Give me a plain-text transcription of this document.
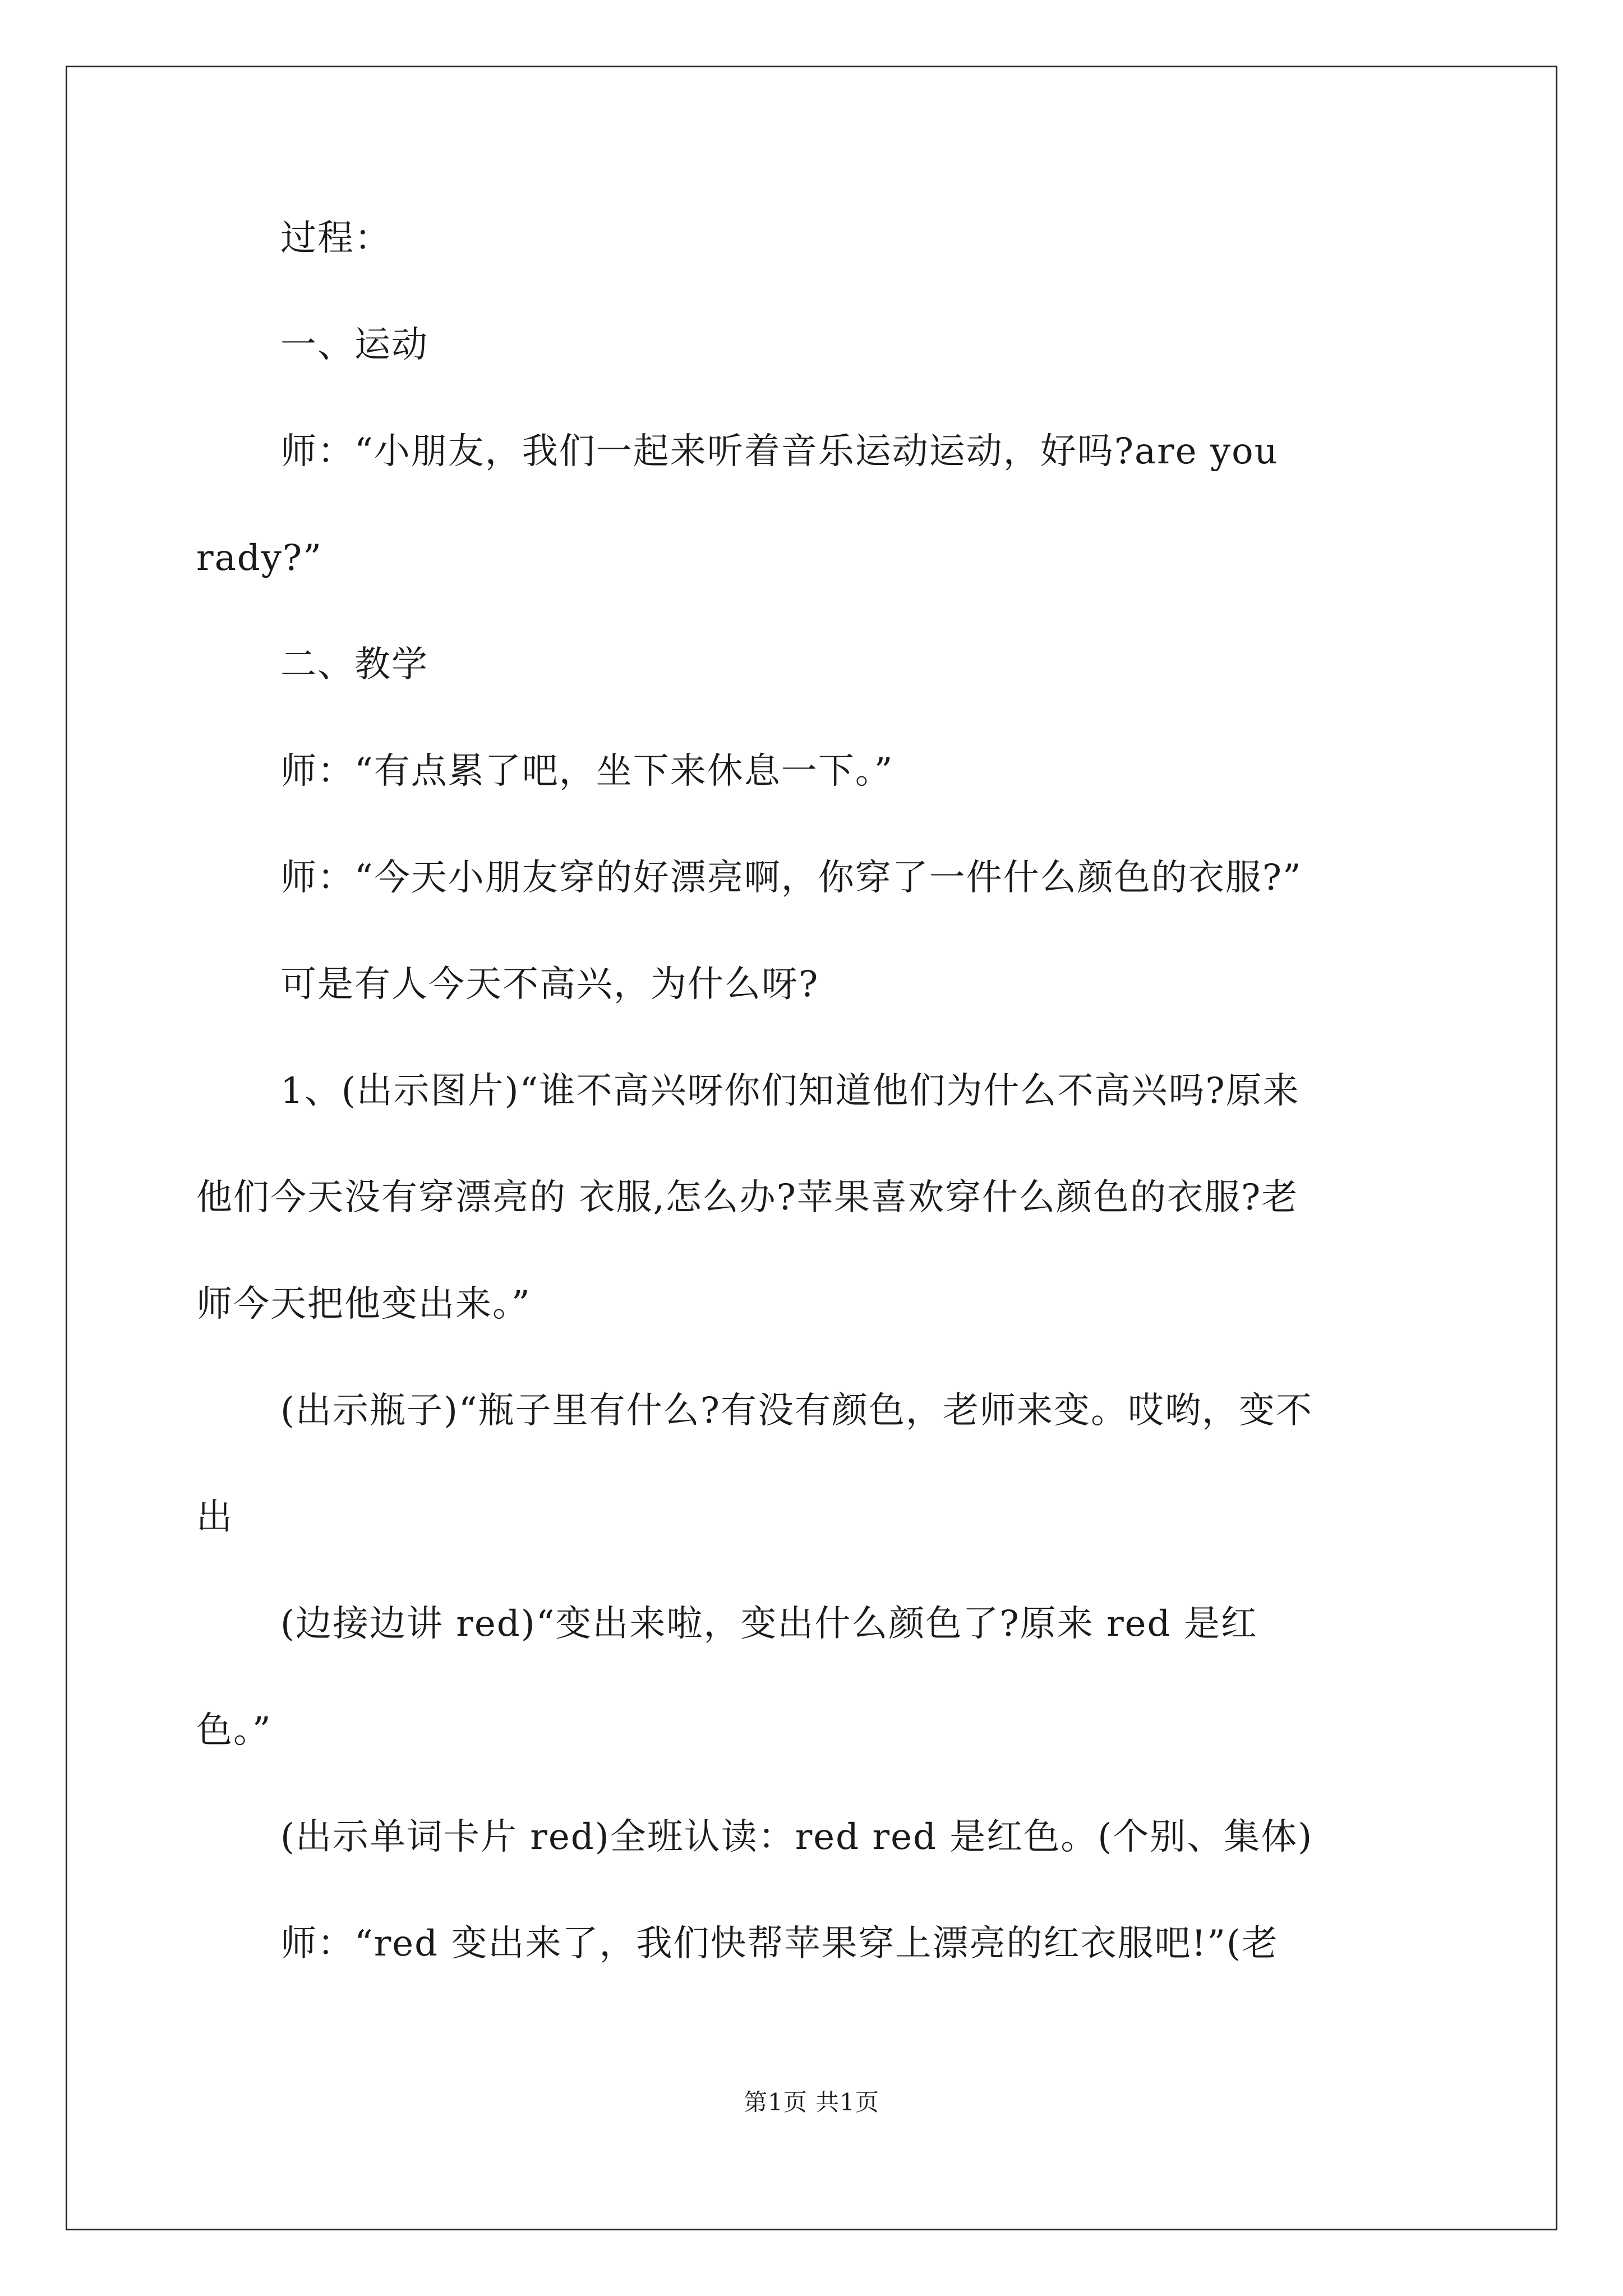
过程：
一、运动
师：“小朋友，我们一起来听着音乐运动运动，好吗?are you
rady?”
二、教学
师：“有点累了吧，坐下来休息一下。”
师：“今天小朋友穿的好漂亮啊，你穿了一件什么颜色的衣服?”
可是有人今天不高兴，为什么呀?
1、(出示图片)“谁不高兴呀你们知道他们为什么不高兴吗?原来
他们今天没有穿漂亮的 衣服,怎么办?苹果喜欢穿什么颜色的衣服?老
师今天把他变出来。”
(出示瓶子)“瓶子里有什么?有没有颜色，老师来变。哎哟，变不
出
(边接边讲 red)“变出来啦，变出什么颜色了?原来 red 是红
色。”
(出示单词卡片 red)全班认读：red red 是红色。(个别、集体)
师：“red 变出来了，我们快帮苹果穿上漂亮的红衣服吧!”(老
第1页 共1页
